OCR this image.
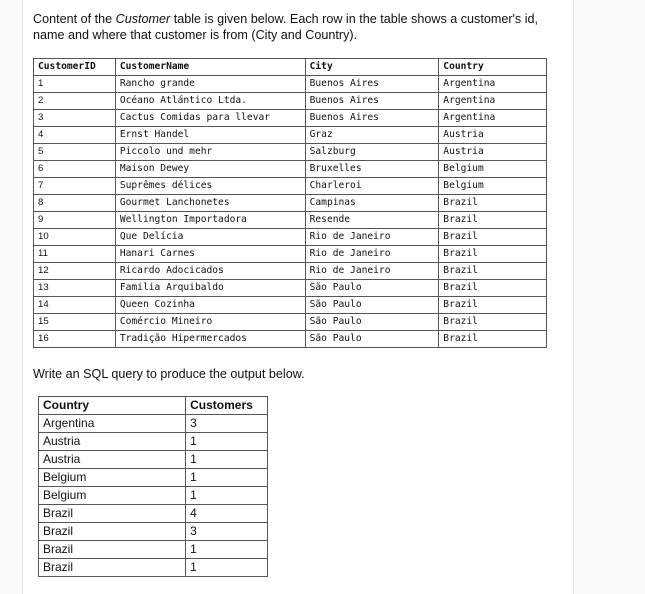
Content of the Customer table is given below. Each row in the table shows a customer's id, name and where that customer is from (City and Country).
CustomerID	CustomerName	City	Country
1	Rancho grande	Buenos Aires	Argentina
2	Océano Atlántico Ltda.	Buenos Aires	Argentina
3	Cactus Comidas para llevar	Buenos Aires	Argentina
4	Ernst Handel	Graz	Austria
5	Piccolo und mehr	Salzburg	Austria
6	Maison Dewey	Bruxelles	Belgium
7	Suprêmes délices	Charleroi	Belgium
8	Gourmet Lanchonetes	Campinas	Brazil
9	Wellington Importadora	Resende	Brazil
10	Que Delícia	Rio de Janeiro	Brazil
11	Hanari Carnes	Rio de Janeiro	Brazil
12	Ricardo Adocicados	Rio de Janeiro	Brazil
13	Familia Arquibaldo	São Paulo	Brazil
14	Queen Cozinha	São Paulo	Brazil
15	Comércio Mineiro	São Paulo	Brazil
16	Tradição Hipermercados	São Paulo	Brazil
Write an SQL query to produce the output below.
Country	Customers
Argentina	3
Austria	1
Austria	1
Belgium	1
Belgium	1
Brazil	4
Brazil	3
Brazil	1
Brazil	1
